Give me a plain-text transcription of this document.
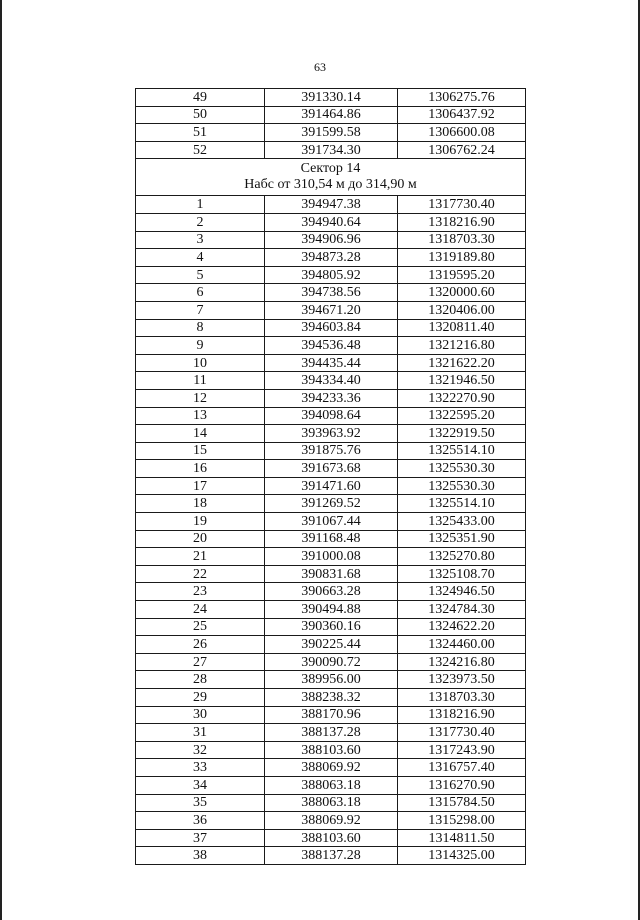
63
49	391330.14	1306275.76
50	391464.86	1306437.92
51	391599.58	1306600.08
52	391734.30	1306762.24

Сектор 14
Набс от 310,54 м до 314,90 м		

1	394947.38	1317730.40
2	394940.64	1318216.90
3	394906.96	1318703.30
4	394873.28	1319189.80
5	394805.92	1319595.20
6	394738.56	1320000.60
7	394671.20	1320406.00
8	394603.84	1320811.40
9	394536.48	1321216.80
10	394435.44	1321622.20
11	394334.40	1321946.50
12	394233.36	1322270.90
13	394098.64	1322595.20
14	393963.92	1322919.50
15	391875.76	1325514.10
16	391673.68	1325530.30
17	391471.60	1325530.30
18	391269.52	1325514.10
19	391067.44	1325433.00
20	391168.48	1325351.90
21	391000.08	1325270.80
22	390831.68	1325108.70
23	390663.28	1324946.50
24	390494.88	1324784.30
25	390360.16	1324622.20
26	390225.44	1324460.00
27	390090.72	1324216.80
28	389956.00	1323973.50
29	388238.32	1318703.30
30	388170.96	1318216.90
31	388137.28	1317730.40
32	388103.60	1317243.90
33	388069.92	1316757.40
34	388063.18	1316270.90
35	388063.18	1315784.50
36	388069.92	1315298.00
37	388103.60	1314811.50
38	388137.28	1314325.00
